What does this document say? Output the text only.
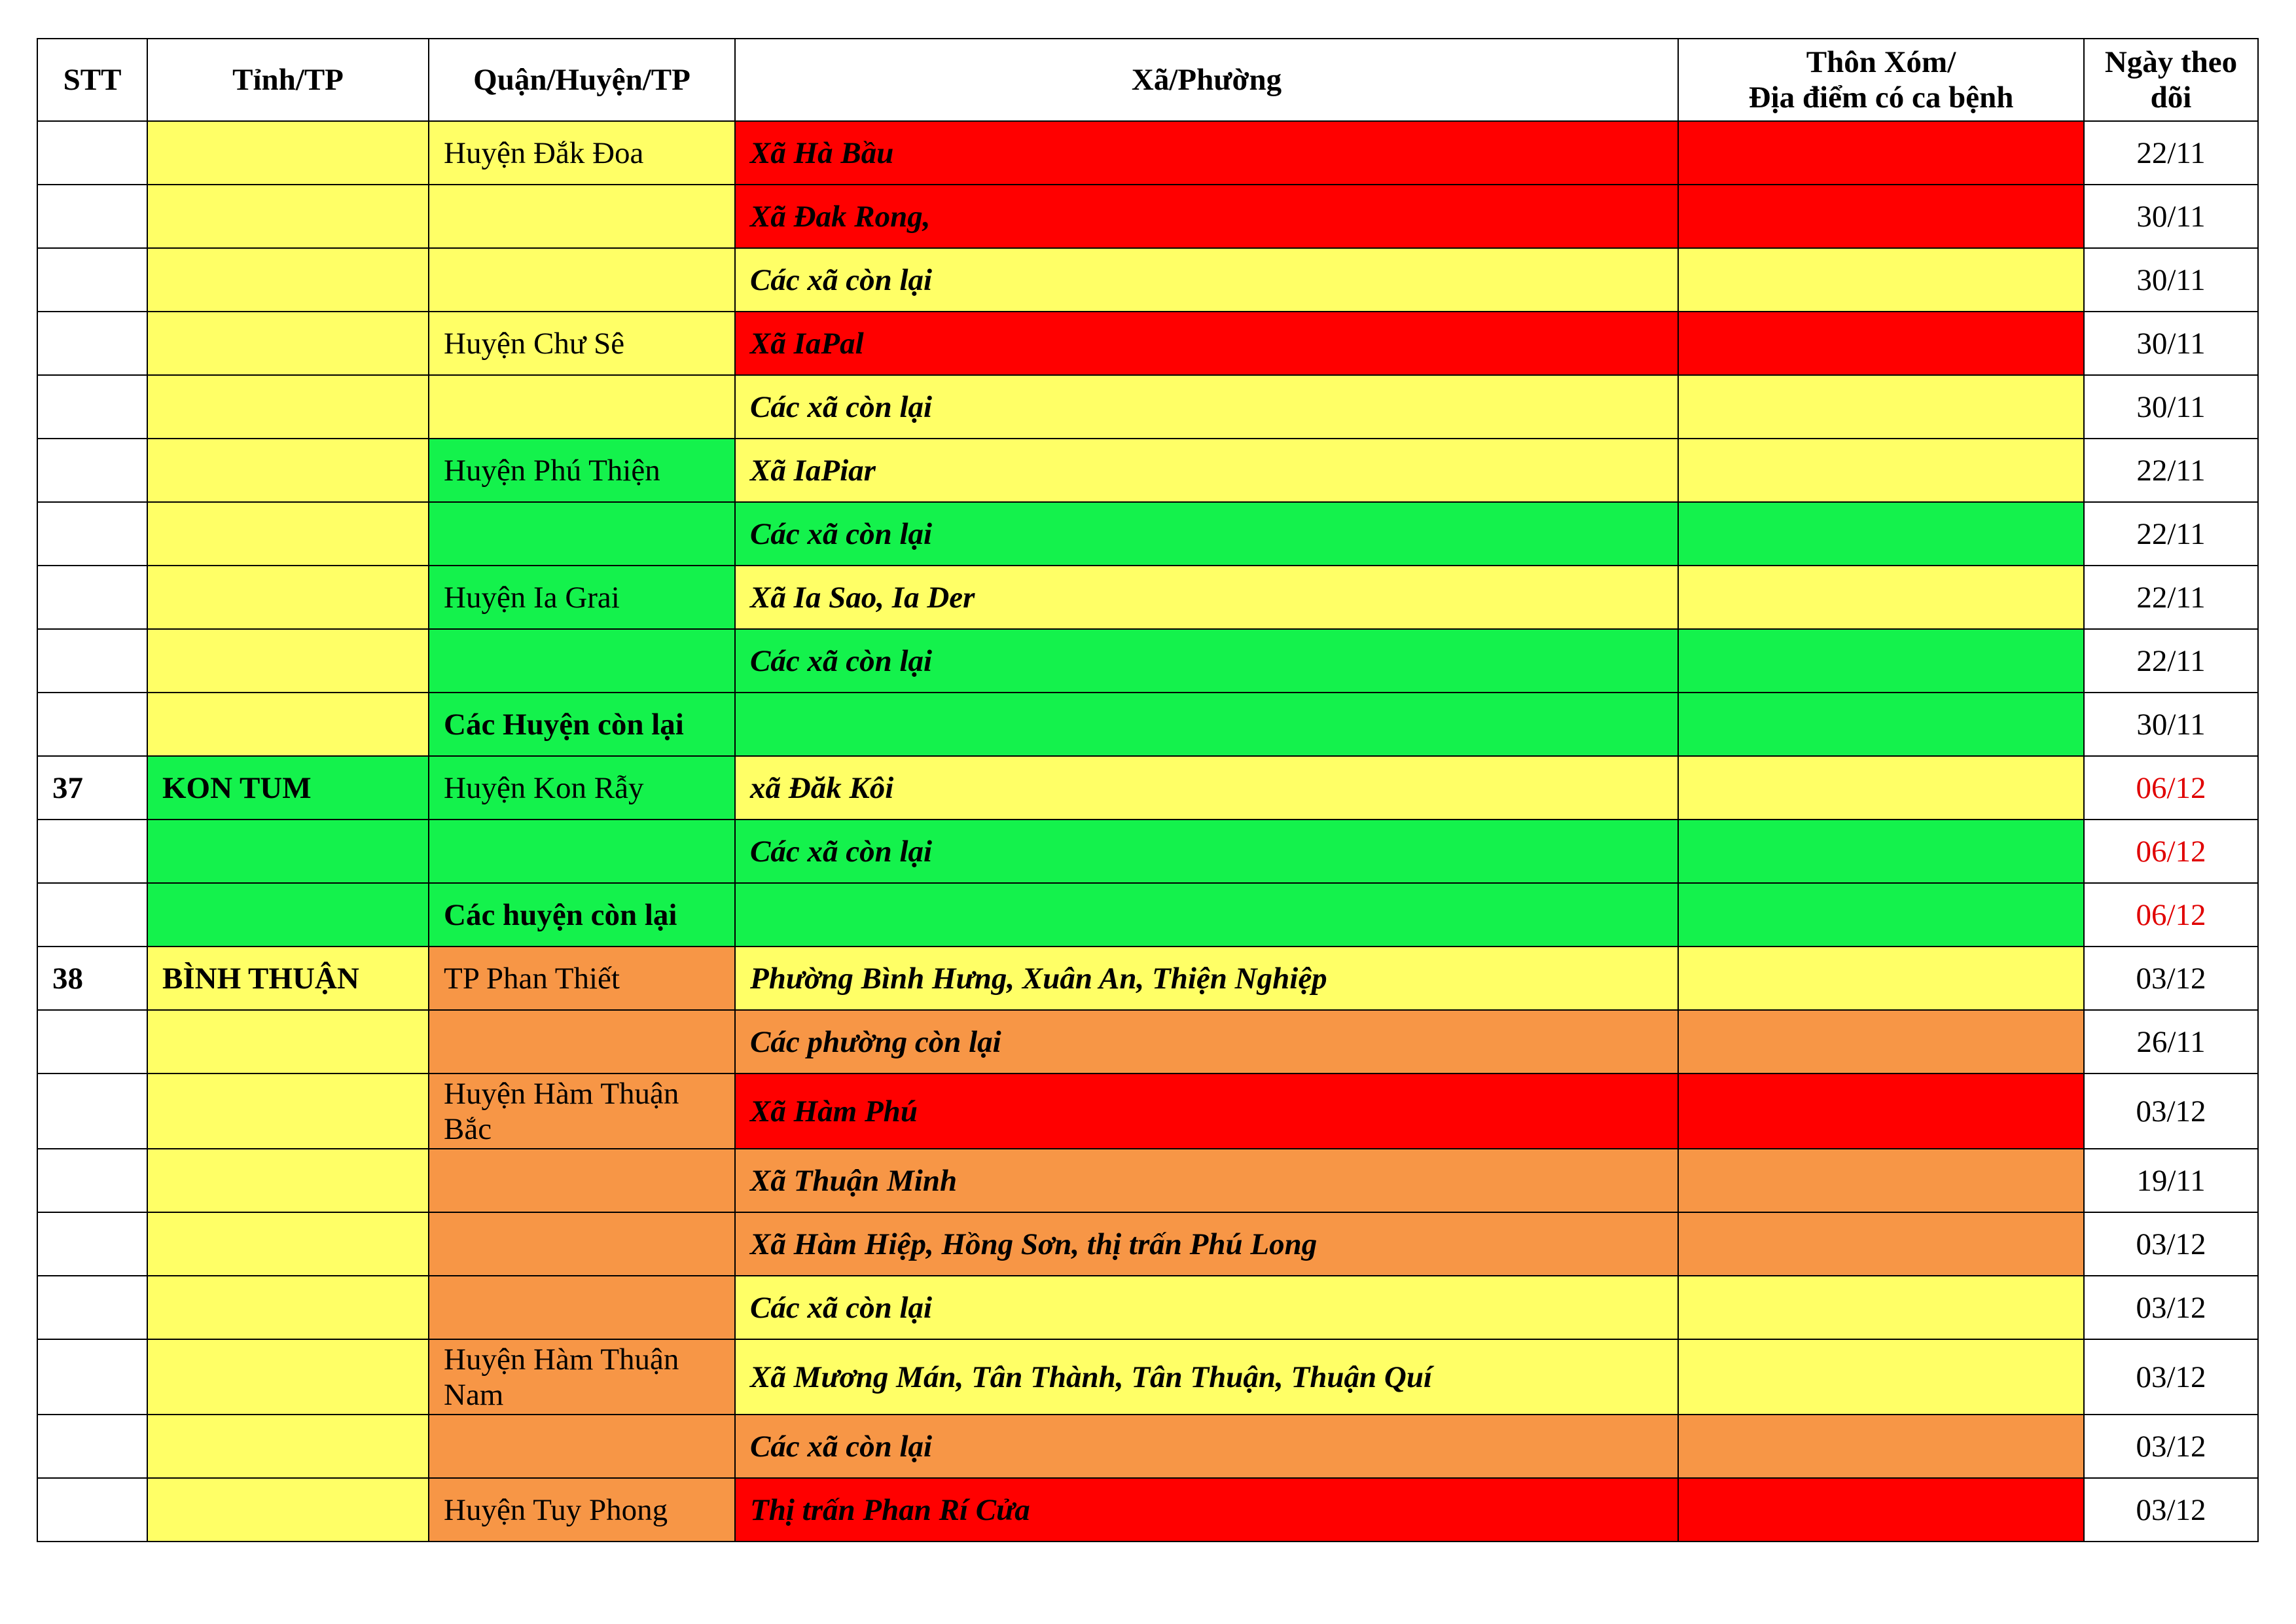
STT	Tỉnh/TP	Quận/Huyện/TP	Xã/Phường	Thôn Xóm/
Địa điểm có ca bệnh	Ngày theo
dõi
		Huyện Đắk Đoa	Xã Hà Bầu		22/11
			Xã Đak Rong,		30/11
			Các xã còn lại		30/11
		Huyện Chư Sê	Xã IaPal		30/11
			Các xã còn lại		30/11
		Huyện Phú Thiện	Xã IaPiar		22/11
			Các xã còn lại		22/11
		Huyện Ia Grai	Xã Ia Sao, Ia Der		22/11
			Các xã còn lại		22/11
		Các Huyện còn lại			30/11
37	KON TUM	Huyện Kon Rẫy	xã Đăk Kôi		06/12
			Các xã còn lại		06/12
		Các huyện còn lại			06/12
38	BÌNH THUẬN	TP Phan Thiết	Phường Bình Hưng, Xuân An, Thiện Nghiệp		03/12
			Các phường còn lại		26/11
		Huyện Hàm Thuận
Bắc	Xã Hàm Phú		03/12
			Xã Thuận Minh		19/11
			Xã Hàm Hiệp, Hồng Sơn, thị trấn Phú Long		03/12
			Các xã còn lại		03/12
		Huyện Hàm Thuận
Nam	Xã Mương Mán, Tân Thành, Tân Thuận, Thuận Quí		03/12
			Các xã còn lại		03/12
		Huyện Tuy Phong	Thị trấn Phan Rí Cửa		03/12
